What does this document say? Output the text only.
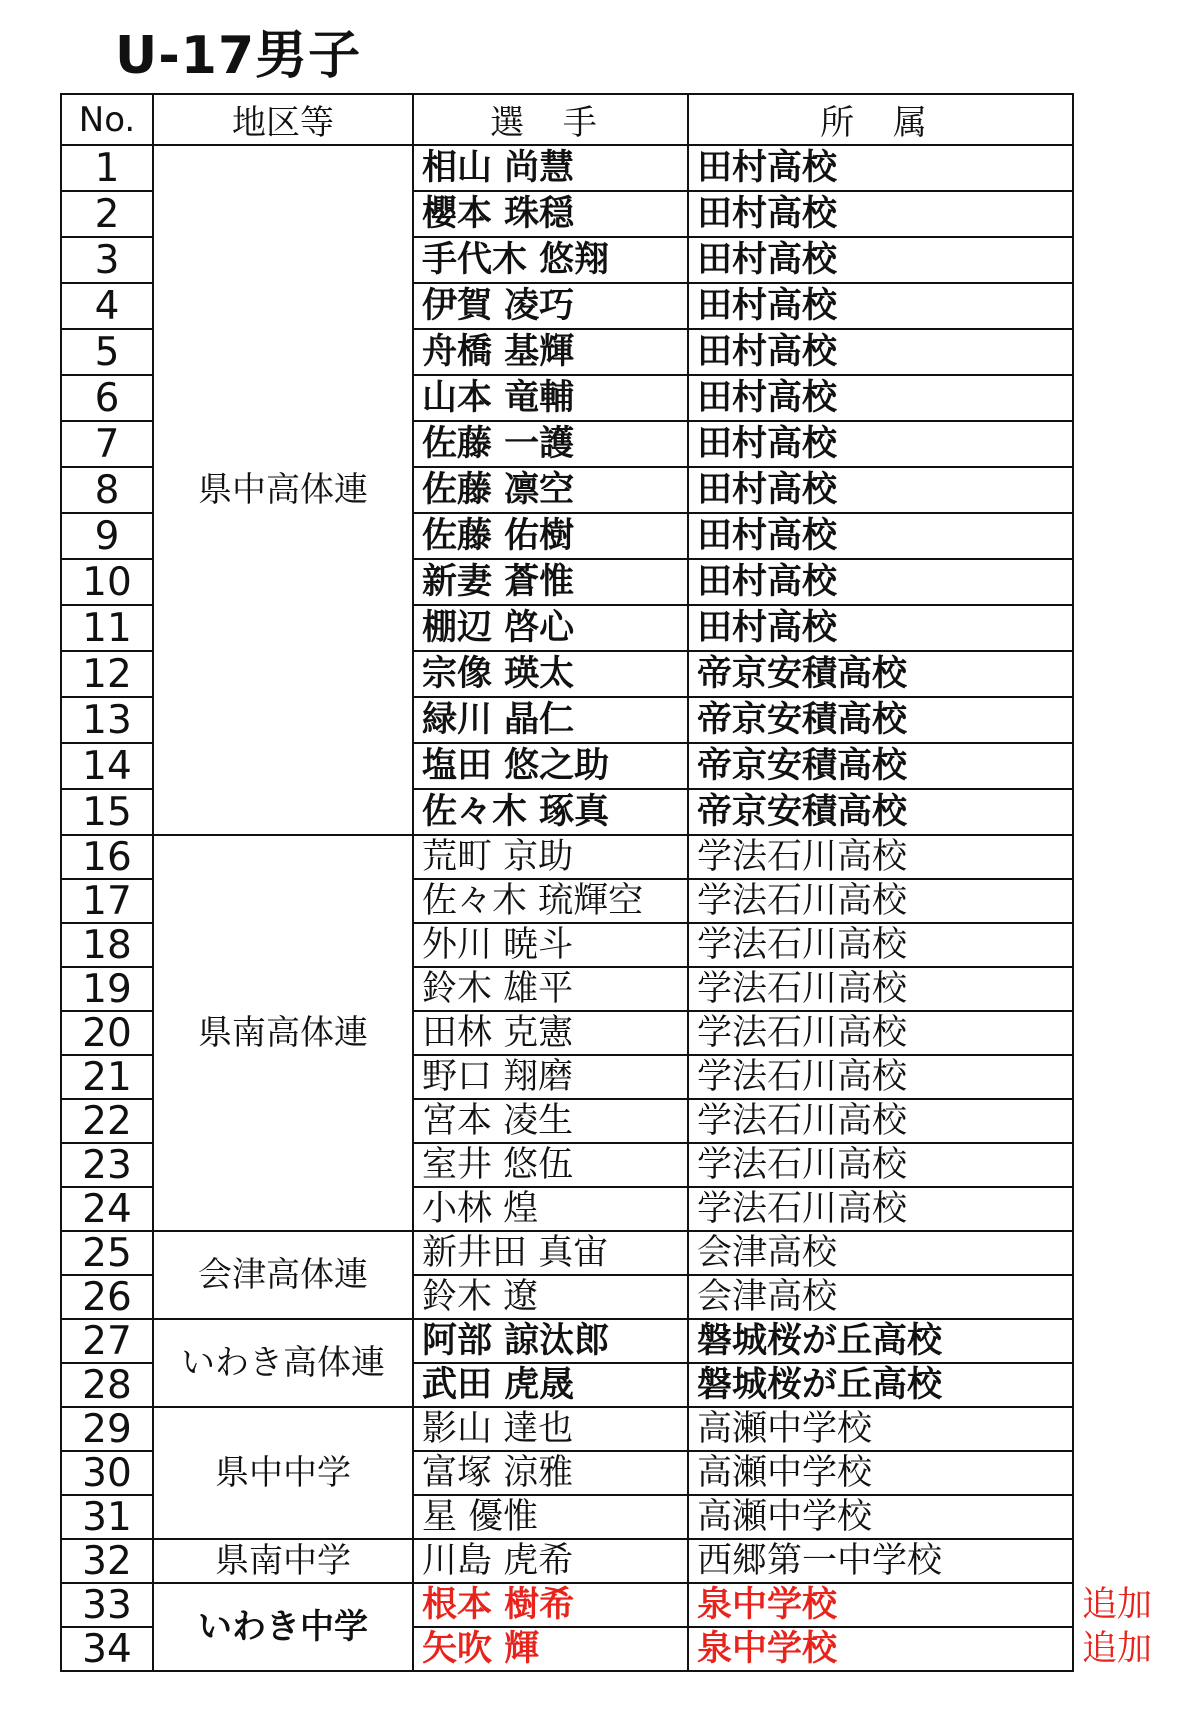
U-17男子
No.	地区等	選 手	所 属
1	県中高体連	相山 尚慧	田村高校
2		櫻本 珠穏	田村高校
3		手代木 悠翔	田村高校
4		伊賀 凌巧	田村高校
5		舟橋 基輝	田村高校
6		山本 竜輔	田村高校
7		佐藤 一護	田村高校
8		佐藤 凛空	田村高校
9		佐藤 佑樹	田村高校
10		新妻 蒼惟	田村高校
11		棚辺 啓心	田村高校
12		宗像 瑛太	帝京安積高校
13		緑川 晶仁	帝京安積高校
14		塩田 悠之助	帝京安積高校
15		佐々木 琢真	帝京安積高校
16	県南高体連	荒町 京助	学法石川高校
17		佐々木 琉輝空	学法石川高校
18		外川 暁斗	学法石川高校
19		鈴木 雄平	学法石川高校
20		田林 克憲	学法石川高校
21		野口 翔磨	学法石川高校
22		宮本 凌生	学法石川高校
23		室井 悠伍	学法石川高校
24		小林 煌	学法石川高校
25	会津高体連	新井田 真宙	会津高校
26		鈴木 遼	会津高校
27	いわき高体連	阿部 諒汰郎	磐城桜が丘高校
28		武田 虎晟	磐城桜が丘高校
29	県中中学	影山 達也	高瀬中学校
30		富塚 涼雅	高瀬中学校
31		星 優惟	高瀬中学校
32	県南中学	川島 虎希	西郷第一中学校
33	いわき中学	根本 樹希	泉中学校
34		矢吹 輝	泉中学校
追加
追加
